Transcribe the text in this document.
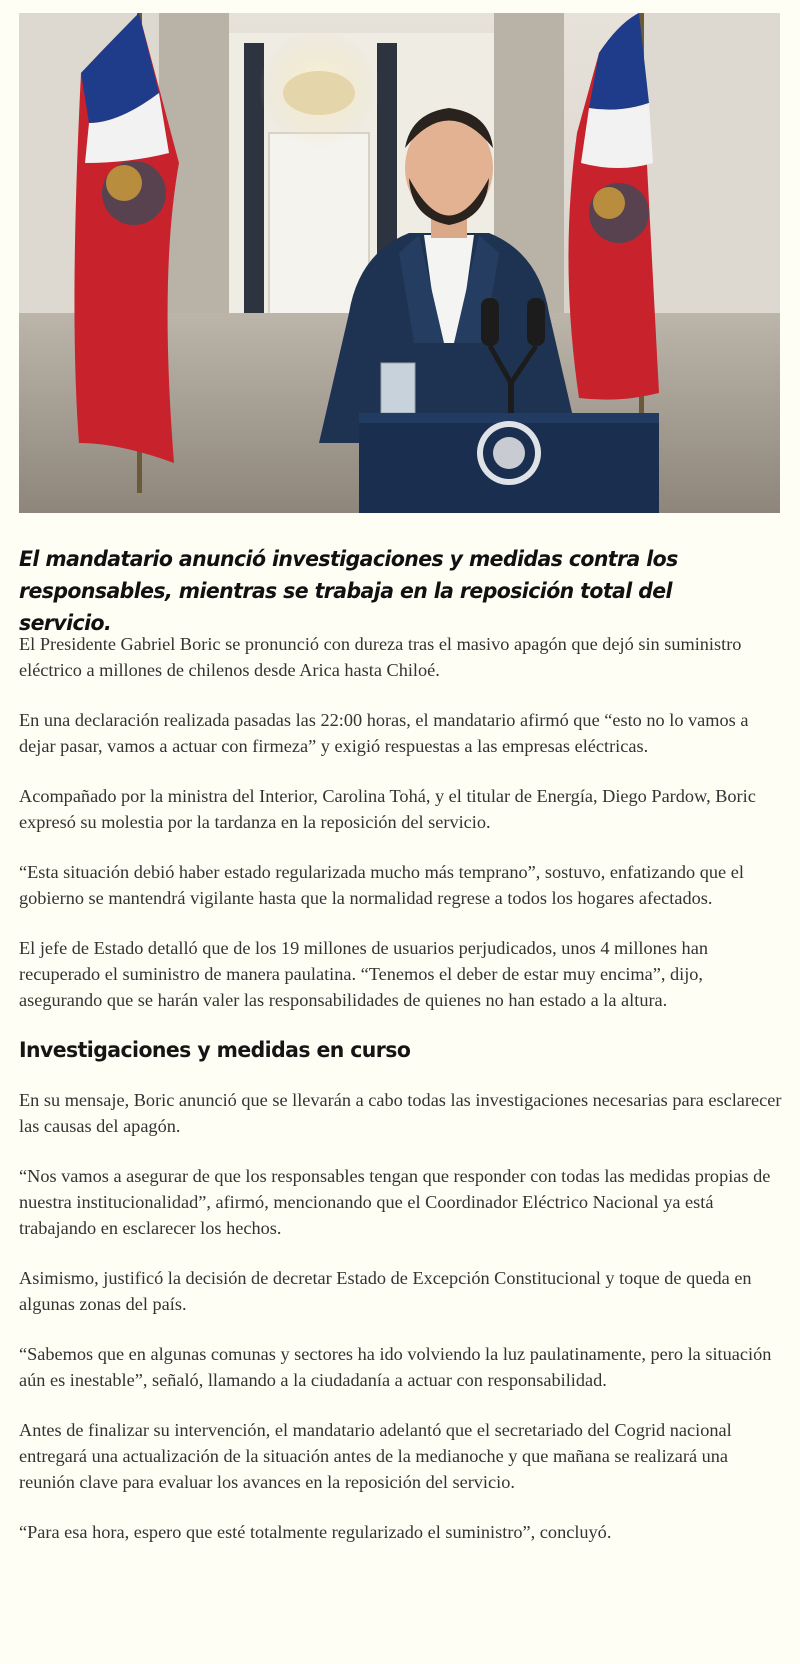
El mandatario anunció investigaciones y medidas contra los responsables, mientras se trabaja en la reposición total del servicio.

El Presidente Gabriel Boric se pronunció con dureza tras el masivo apagón que dejó sin suministro eléctrico a millones de chilenos desde Arica hasta Chiloé.

En una declaración realizada pasadas las 22:00 horas, el mandatario afirmó que “esto no lo vamos a dejar pasar, vamos a actuar con firmeza” y exigió respuestas a las empresas eléctricas.

Acompañado por la ministra del Interior, Carolina Tohá, y el titular de Energía, Diego Pardow, Boric expresó su molestia por la tardanza en la reposición del servicio.

“Esta situación debió haber estado regularizada mucho más temprano”, sostuvo, enfatizando que el gobierno se mantendrá vigilante hasta que la normalidad regrese a todos los hogares afectados.

El jefe de Estado detalló que de los 19 millones de usuarios perjudicados, unos 4 millones han recuperado el suministro de manera paulatina. “Tenemos el deber de estar muy encima”, dijo, asegurando que se harán valer las responsabilidades de quienes no han estado a la altura.

Investigaciones y medidas en curso

En su mensaje, Boric anunció que se llevarán a cabo todas las investigaciones necesarias para esclarecer las causas del apagón.

“Nos vamos a asegurar de que los responsables tengan que responder con todas las medidas propias de nuestra institucionalidad”, afirmó, mencionando que el Coordinador Eléctrico Nacional ya está trabajando en esclarecer los hechos.

Asimismo, justificó la decisión de decretar Estado de Excepción Constitucional y toque de queda en algunas zonas del país.

“Sabemos que en algunas comunas y sectores ha ido volviendo la luz paulatinamente, pero la situación aún es inestable”, señaló, llamando a la ciudadanía a actuar con responsabilidad.

Antes de finalizar su intervención, el mandatario adelantó que el secretariado del Cogrid nacional entregará una actualización de la situación antes de la medianoche y que mañana se realizará una reunión clave para evaluar los avances en la reposición del servicio.

“Para esa hora, espero que esté totalmente regularizado el suministro”, concluyó.
